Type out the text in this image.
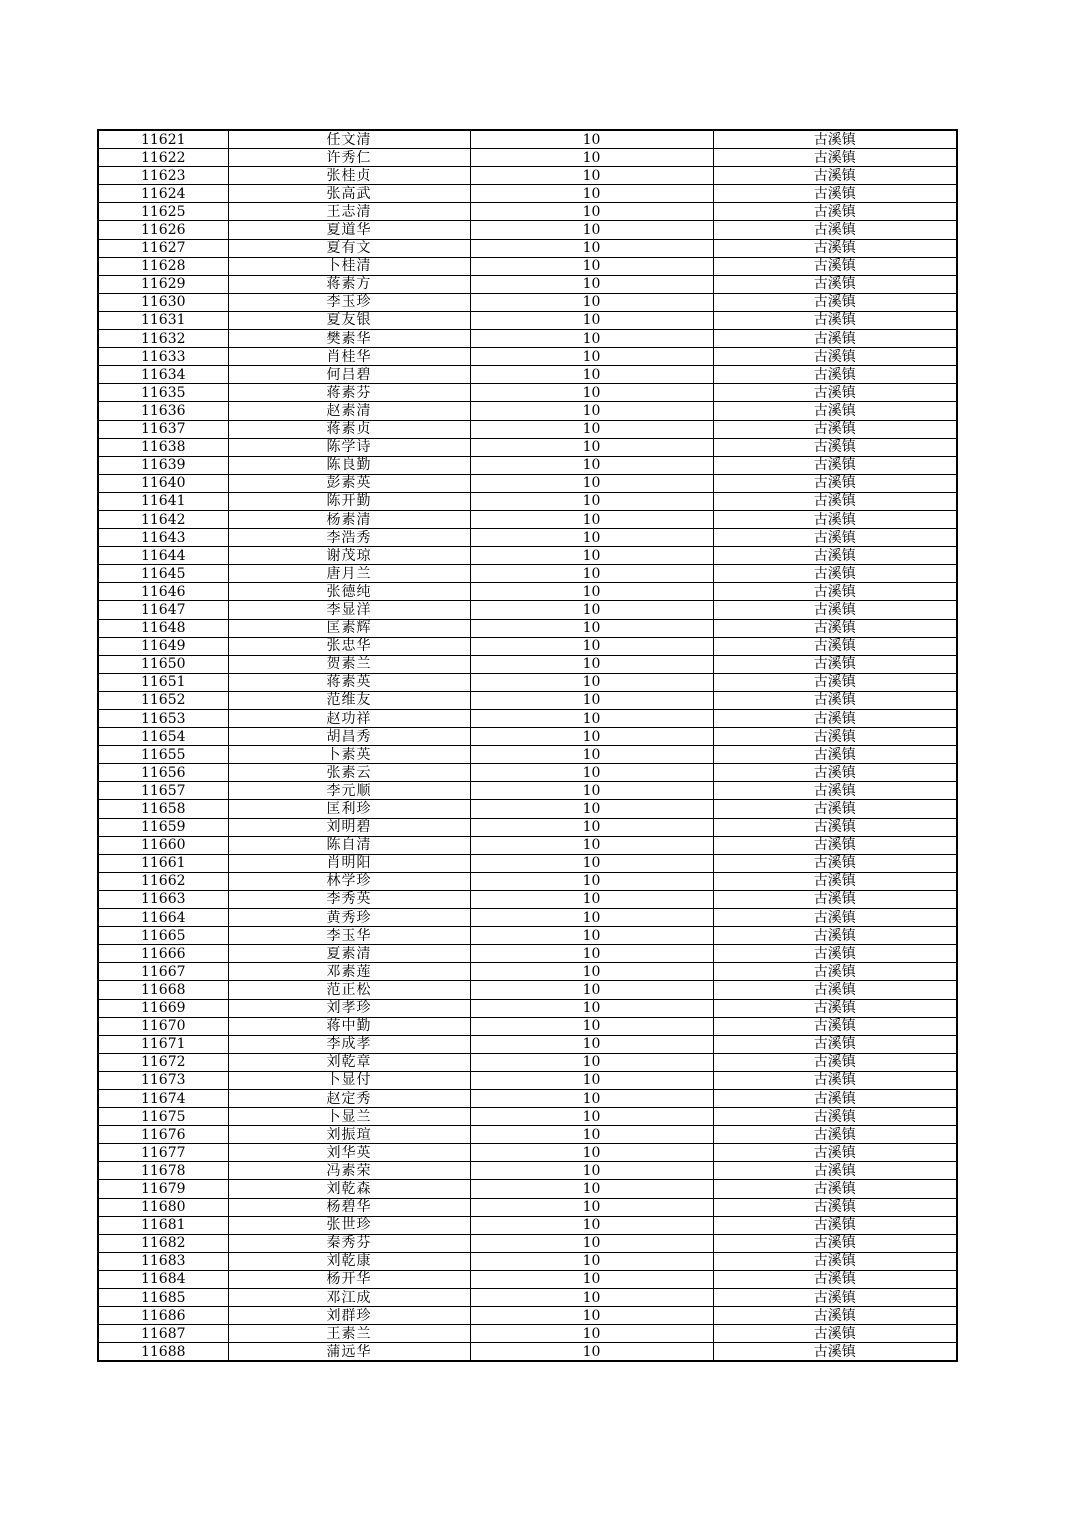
11621	任文清	10	古溪镇
11622	许秀仁	10	古溪镇
11623	张桂贞	10	古溪镇
11624	张高武	10	古溪镇
11625	王志清	10	古溪镇
11626	夏道华	10	古溪镇
11627	夏有文	10	古溪镇
11628	卜桂清	10	古溪镇
11629	蒋素方	10	古溪镇
11630	李玉珍	10	古溪镇
11631	夏友银	10	古溪镇
11632	樊素华	10	古溪镇
11633	肖桂华	10	古溪镇
11634	何吕碧	10	古溪镇
11635	蒋素芬	10	古溪镇
11636	赵素清	10	古溪镇
11637	蒋素贞	10	古溪镇
11638	陈学诗	10	古溪镇
11639	陈良勤	10	古溪镇
11640	彭素英	10	古溪镇
11641	陈开勤	10	古溪镇
11642	杨素清	10	古溪镇
11643	李浩秀	10	古溪镇
11644	谢茂琼	10	古溪镇
11645	唐月兰	10	古溪镇
11646	张德纯	10	古溪镇
11647	李显洋	10	古溪镇
11648	匡素辉	10	古溪镇
11649	张忠华	10	古溪镇
11650	贺素兰	10	古溪镇
11651	蒋素英	10	古溪镇
11652	范维友	10	古溪镇
11653	赵功祥	10	古溪镇
11654	胡昌秀	10	古溪镇
11655	卜素英	10	古溪镇
11656	张素云	10	古溪镇
11657	李元顺	10	古溪镇
11658	匡利珍	10	古溪镇
11659	刘明碧	10	古溪镇
11660	陈自清	10	古溪镇
11661	肖明阳	10	古溪镇
11662	林学珍	10	古溪镇
11663	李秀英	10	古溪镇
11664	黄秀珍	10	古溪镇
11665	李玉华	10	古溪镇
11666	夏素清	10	古溪镇
11667	邓素莲	10	古溪镇
11668	范正松	10	古溪镇
11669	刘孝珍	10	古溪镇
11670	蒋中勤	10	古溪镇
11671	李成孝	10	古溪镇
11672	刘乾章	10	古溪镇
11673	卜显付	10	古溪镇
11674	赵定秀	10	古溪镇
11675	卜显兰	10	古溪镇
11676	刘振瑄	10	古溪镇
11677	刘华英	10	古溪镇
11678	冯素荣	10	古溪镇
11679	刘乾森	10	古溪镇
11680	杨碧华	10	古溪镇
11681	张世珍	10	古溪镇
11682	秦秀芬	10	古溪镇
11683	刘乾康	10	古溪镇
11684	杨开华	10	古溪镇
11685	邓江成	10	古溪镇
11686	刘群珍	10	古溪镇
11687	王素兰	10	古溪镇
11688	蒲远华	10	古溪镇
